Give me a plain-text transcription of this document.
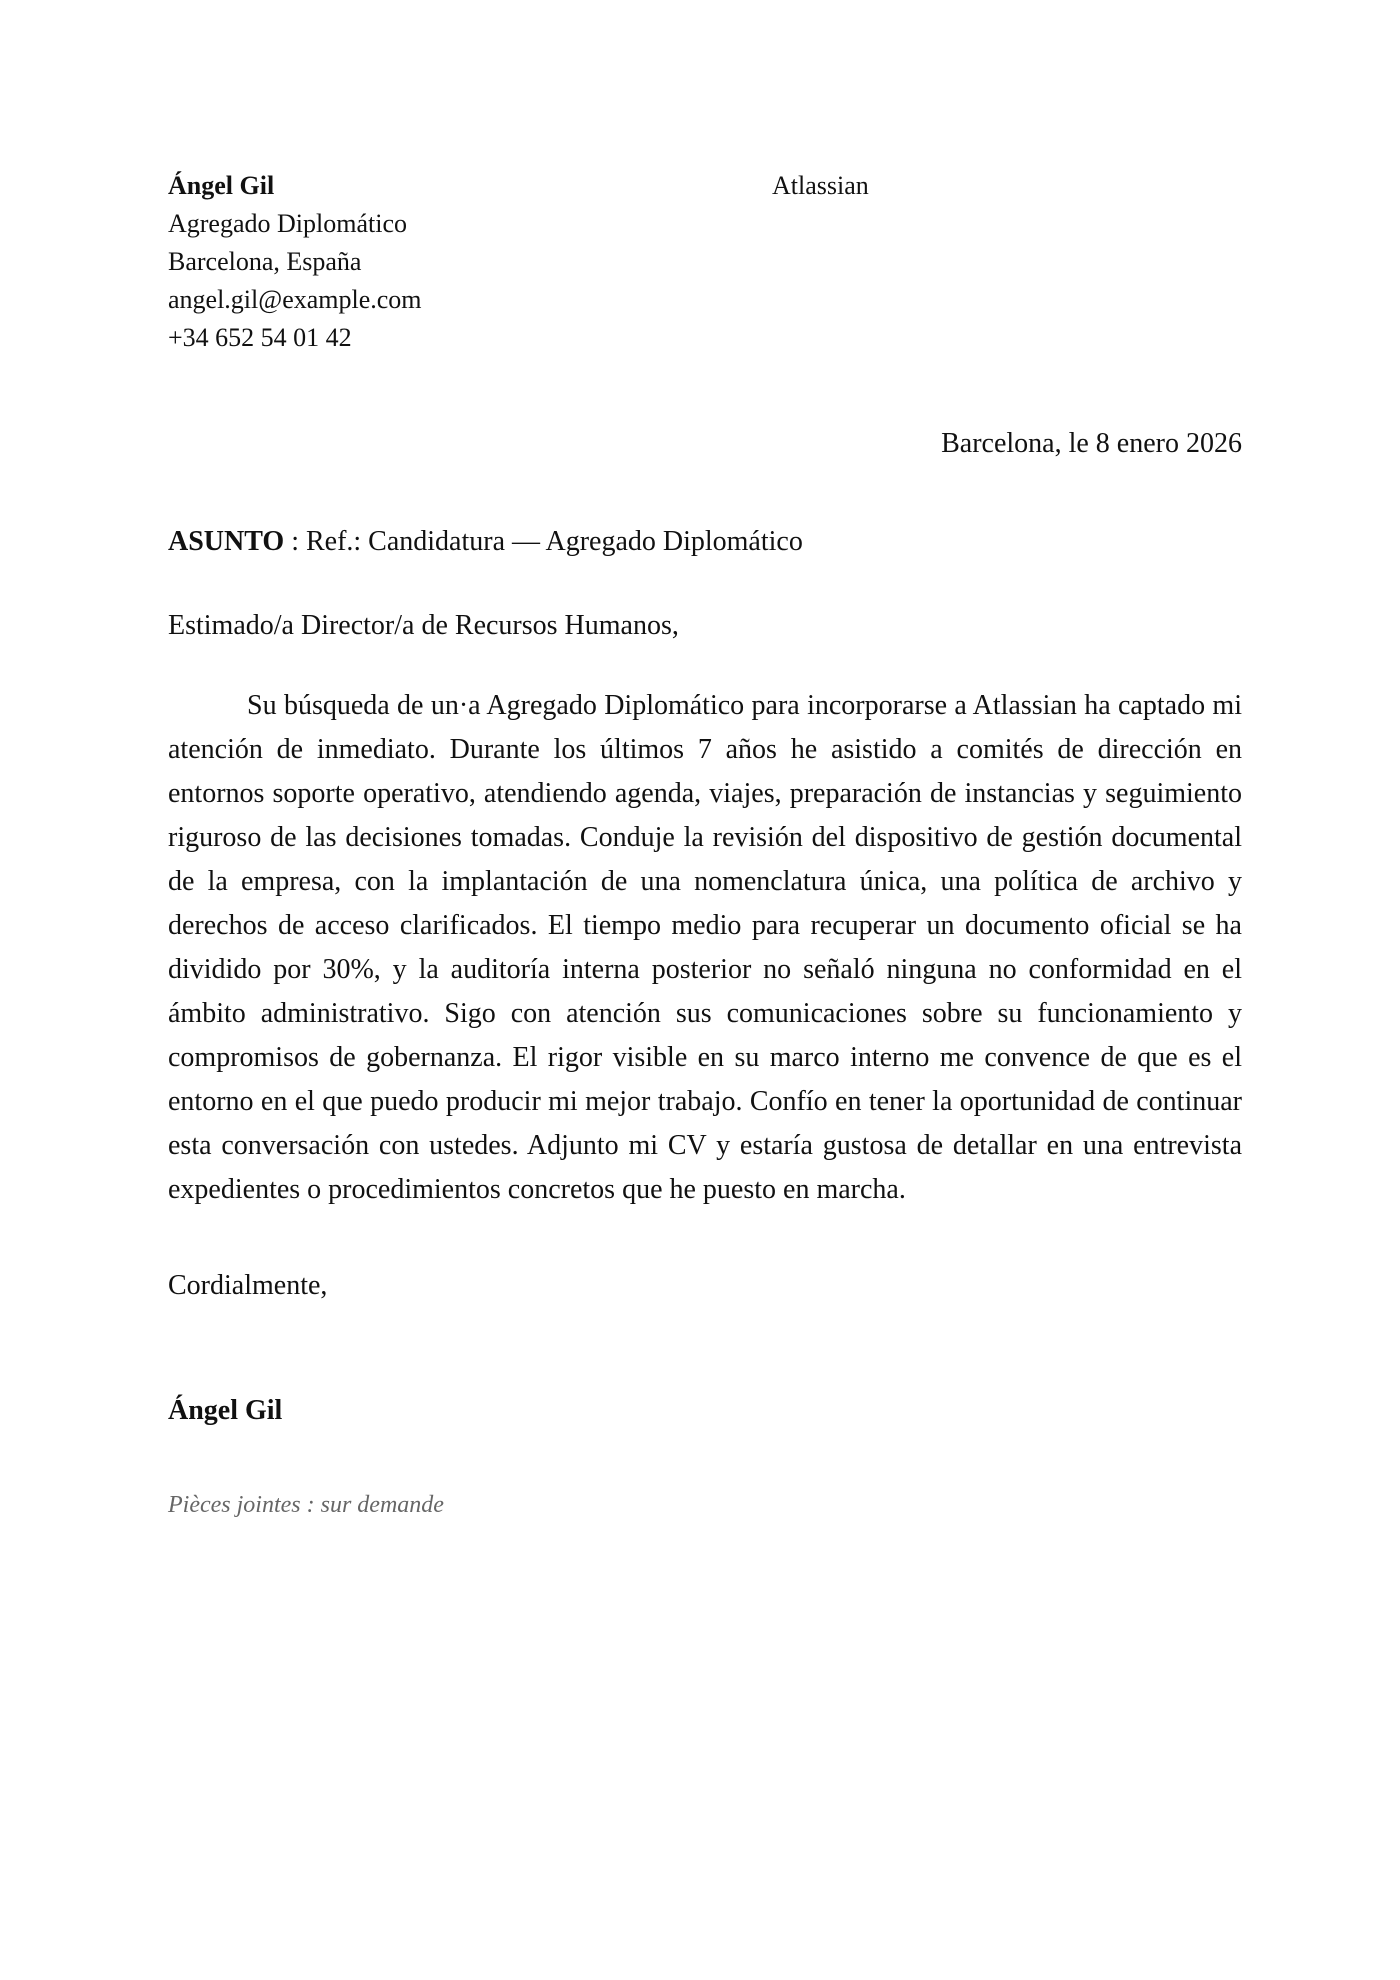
Ángel Gil
Agregado Diplomático
Barcelona, España
angel.gil@example.com
+34 652 54 01 42
Atlassian
Barcelona, le 8 enero 2026
ASUNTO : Ref.: Candidatura — Agregado Diplomático
Estimado/a Director/a de Recursos Humanos,

Su búsqueda de un·a Agregado Diplomático para incorporarse a Atlassian ha captado mi atención de inmediato. Durante los últimos 7 años he asistido a comités de dirección en entornos soporte operativo, atendiendo agenda, viajes, preparación de instancias y seguimiento riguroso de las decisiones tomadas. Conduje la revisión del dispositivo de gestión documental de la empresa, con la implantación de una nomenclatura única, una política de archivo y derechos de acceso clarificados. El tiempo medio para recuperar un documento oficial se ha dividido por 30%, y la auditoría interna posterior no señaló ninguna no conformidad en el ámbito administrativo. Sigo con atención sus comunicaciones sobre su funcionamiento y compromisos de gobernanza. El rigor visible en su marco interno me convence de que es el entorno en el que puedo producir mi mejor trabajo. Confío en tener la oportunidad de continuar esta conversación con ustedes. Adjunto mi CV y estaría gustosa de detallar en una entrevista expedientes o procedimientos concretos que he puesto en marcha.

Cordialmente,
Ángel Gil
Pièces jointes : sur demande
